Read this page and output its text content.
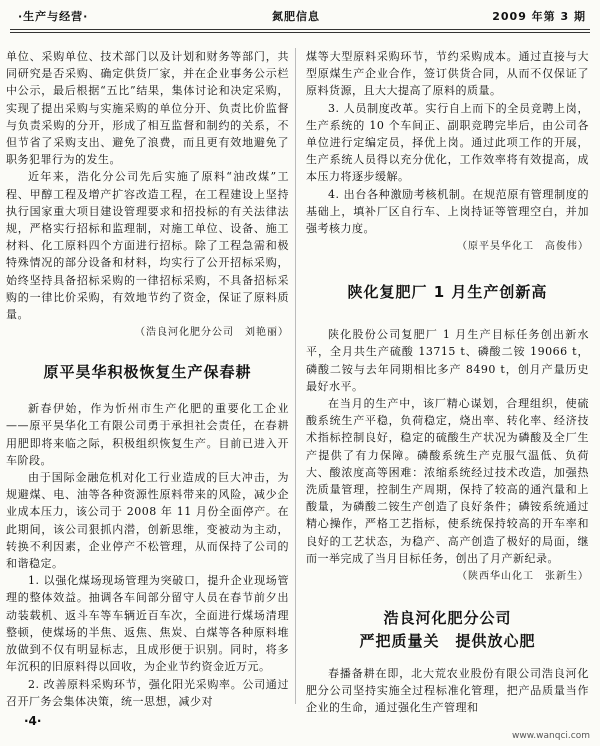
·生产与经营·	氮肥信息	2009 年第 3 期

单位、采购单位、技术部门以及计划和财务等部门，共同研究是否采购、确定供货厂家，并在企业事务公示栏中公示，最后根据“五比”结果，集体讨论和决定采购，实现了提出采购与实施采购的单位分开、负责比价监督与负责采购的分开，形成了相互监督和制约的关系，不但节省了采购支出、避免了浪费，而且更有效地避免了职务犯罪行为的发生。

近年来，浩化分公司先后实施了原料“油改煤”工程、甲醇工程及增产扩容改造工程，在工程建设上坚持执行国家重大项目建设管理要求和招投标的有关法律法规，严格实行招标和监理制，对施工单位、设备、施工材料、化工原料四个方面进行招标。除了工程急需和极特殊情况的部分设备和材料，均实行了公开招标采购，始终坚持具备招标采购的一律招标采购，不具备招标采购的一律比价采购，有效地节约了资金，保证了原料质量。

（浩良河化肥分公司　刘艳丽）
原平昊华积极恢复生产保春耕

新春伊始，作为忻州市生产化肥的重要化工企业——原平昊华化工有限公司勇于承担社会责任，在春耕用肥即将来临之际，积极组织恢复生产。目前已进入开车阶段。

由于国际金融危机对化工行业造成的巨大冲击，为规避煤、电、油等各种资源性原料带来的风险，减少企业成本压力，该公司于 2008 年 11 月份全面停产。在此期间，该公司狠抓内潜，创新思维，变被动为主动，转换不利因素，企业停产不松管理，从而保持了公司的和谐稳定。

1. 以强化煤场现场管理为突破口，提升企业现场管理的整体效益。抽调各车间部分留守人员在春节前夕出动装载机、返斗车等车辆近百车次，全面进行煤场清理整顿，使煤场的半焦、返焦、焦炭、白煤等各种原料堆放做到不仅有明显标志，且成形便于识别。同时，将多年沉积的旧原料得以回收，为企业节约资金近万元。

2. 改善原料采购环节，强化阳光采购率。公司通过召开厂务会集体决策，统一思想，减少对

煤等大型原料采购环节，节约采购成本。通过直接与大型原煤生产企业合作，签订供货合同，从而不仅保证了原料货源，且大大提高了原料的质量。

3. 人员制度改革。实行自上而下的全员竞聘上岗，生产系统的 10 个车间正、副职竞聘完毕后，由公司各单位进行定编定员，择优上岗。通过此项工作的开展，生产系统人员得以充分优化，工作效率将有效提高，成本压力将逐步缓解。

4. 出台各种激励考核机制。在规范原有管理制度的基础上，填补厂区自行车、上岗持证等管理空白，并加强考核力度。

（原平昊华化工　高俊伟）
陕化复肥厂 1 月生产创新高

陕化股份公司复肥厂 1 月生产目标任务创出新水平，全月共生产硫酸 13715 t、磷酸二铵 19066 t，磷酸二铵与去年同期相比多产 8490 t，创月产量历史最好水平。

在当月的生产中，该厂精心谋划，合理组织，使硫酸系统生产平稳，负荷稳定，烧出率、转化率、经济技术指标控制良好，稳定的硫酸生产状况为磷酸及全厂生产提供了有力保障。磷酸系统生产克服气温低、负荷大、酸浓度高等困难：浓缩系统经过技术改造，加强热洗质量管理，控制生产周期，保持了较高的通汽量和上酸量，为磷酸二铵生产创造了良好条件；磷铵系统通过精心操作，严格工艺指标，使系统保持较高的开车率和良好的工艺状态，为稳产、高产创造了极好的局面，继而一举完成了当月目标任务，创出了月产新纪录。

（陕西华山化工　张新生）
浩良河化肥分公司
严把质量关　提供放心肥

春播备耕在即，北大荒农业股份有限公司浩良河化肥分公司坚持实施全过程标准化管理，把产品质量当作企业的生命，通过强化生产管理和

·4·
www.wanqci.com
